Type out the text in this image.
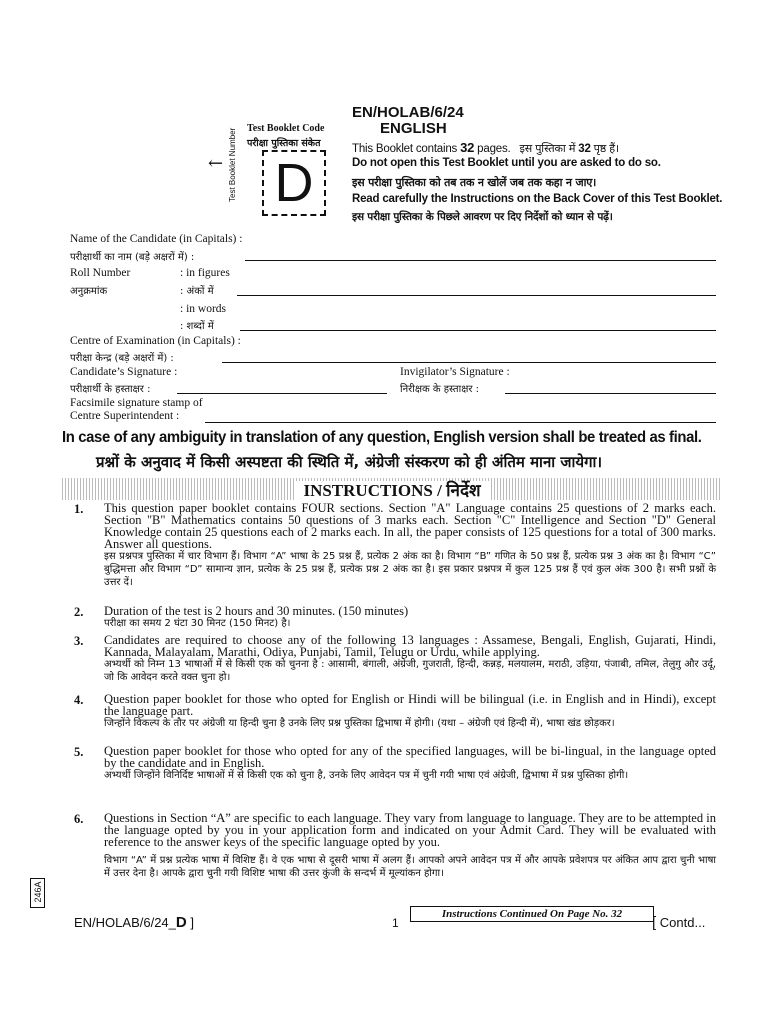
EN/HOLAB/6/24
ENGLISH
Test Booklet Code
परीक्षा पुस्तिका संकेत
Test Booklet Number
← D
This Booklet contains 32 pages. इस पुस्तिका में 32 पृष्ठ हैं।
Do not open this Test Booklet until you are asked to do so.
इस परीक्षा पुस्तिका को तब तक न खोलें जब तक कहा न जाए।
Read carefully the Instructions on the Back Cover of this Test Booklet.
इस परीक्षा पुस्तिका के पिछले आवरण पर दिए निर्देशों को ध्यान से पढ़ें।
Name of the Candidate (in Capitals) :
परीक्षार्थी का नाम (बड़े अक्षरों में) :
Roll Number
अनुक्रमांक
: in figures
: अंकों में
: in words
: शब्दों में
Centre of Examination (in Capitals) :
परीक्षा केन्द्र (बड़े अक्षरों में) :
Candidate’s Signature :
परीक्षार्थी के हस्ताक्षर :
Invigilator’s Signature :
निरीक्षक के हस्ताक्षर :
Facsimile signature stamp of
Centre Superintendent :
In case of any ambiguity in translation of any question, English version shall be treated as final.
प्रश्नों के अनुवाद में किसी अस्पष्टता की स्थिति में, अंग्रेजी संस्करण को ही अंतिम माना जायेगा।
INSTRUCTIONS / निर्देश
1. This question paper booklet contains FOUR sections. Section "A" Language contains 25 questions of 2 marks each. Section "B" Mathematics contains 50 questions of 3 marks each. Section "C" Intelligence and Section "D" General Knowledge contain 25 questions each of 2 marks each. In all, the paper consists of 125 questions for a total of 300 marks. Answer all questions.
इस प्रश्नपत्र पुस्तिका में चार विभाग हैं। विभाग “A” भाषा के 25 प्रश्न हैं, प्रत्येक 2 अंक का है। विभाग “B” गणित के 50 प्रश्न हैं, प्रत्येक प्रश्न 3 अंक का है। विभाग “C” बुद्धिमत्ता और विभाग “D” सामान्य ज्ञान, प्रत्येक के 25 प्रश्न हैं, प्रत्येक प्रश्न 2 अंक का है। इस प्रकार प्रश्नपत्र में कुल 125 प्रश्न हैं एवं कुल अंक 300 है। सभी प्रश्नों के उत्तर दें।
2. Duration of the test is 2 hours and 30 minutes. (150 minutes)
परीक्षा का समय 2 घंटा 30 मिनट (150 मिनट) है।
3. Candidates are required to choose any of the following 13 languages : Assamese, Bengali, English, Gujarati, Hindi, Kannada, Malayalam, Marathi, Odiya, Punjabi, Tamil, Telugu or Urdu, while applying.
अभ्यर्थी को निम्न 13 भाषाओं में से किसी एक को चुनना है : आसामी, बंगाली, अंग्रेजी, गुजराती, हिन्दी, कन्नड़, मलयालम, मराठी, उड़िया, पंजाबी, तमिल, तेलुगु और उर्दू, जो कि आवेदन करते वक्त चुना हो।
4. Question paper booklet for those who opted for English or Hindi will be bilingual (i.e. in English and in Hindi), except the language part.
जिन्होंने विकल्प के तौर पर अंग्रेजी या हिन्दी चुना है उनके लिए प्रश्न पुस्तिका द्विभाषा में होगी। (यथा – अंग्रेजी एवं हिन्दी में), भाषा खंड छोड़कर।
5. Question paper booklet for those who opted for any of the specified languages, will be bi-lingual, in the language opted by the candidate and in English.
अभ्यर्थी जिन्होंने विनिर्दिष्ट भाषाओं में से किसी एक को चुना है, उनके लिए आवेदन पत्र में चुनी गयी भाषा एवं अंग्रेजी, द्विभाषा में प्रश्न पुस्तिका होगी।
6. Questions in Section “A” are specific to each language. They vary from language to language. They are to be attempted in the language opted by you in your application form and indicated on your Admit Card. They will be evaluated with reference to the answer keys of the specific language opted by you.
विभाग “A” में प्रश्न प्रत्येक भाषा में विशिष्ट हैं। वे एक भाषा से दूसरी भाषा में अलग हैं। आपको अपने आवेदन पत्र में और आपके प्रवेशपत्र पर अंकित आप द्वारा चुनी भाषा में उत्तर देना है। आपके द्वारा चुनी गयी विशिष्ट भाषा की उत्तर कुंजी के सन्दर्भ में मूल्यांकन होगा।
246A
EN/HOLAB/6/24_D ]	1
Instructions Continued On Page No. 32	[ Contd...
